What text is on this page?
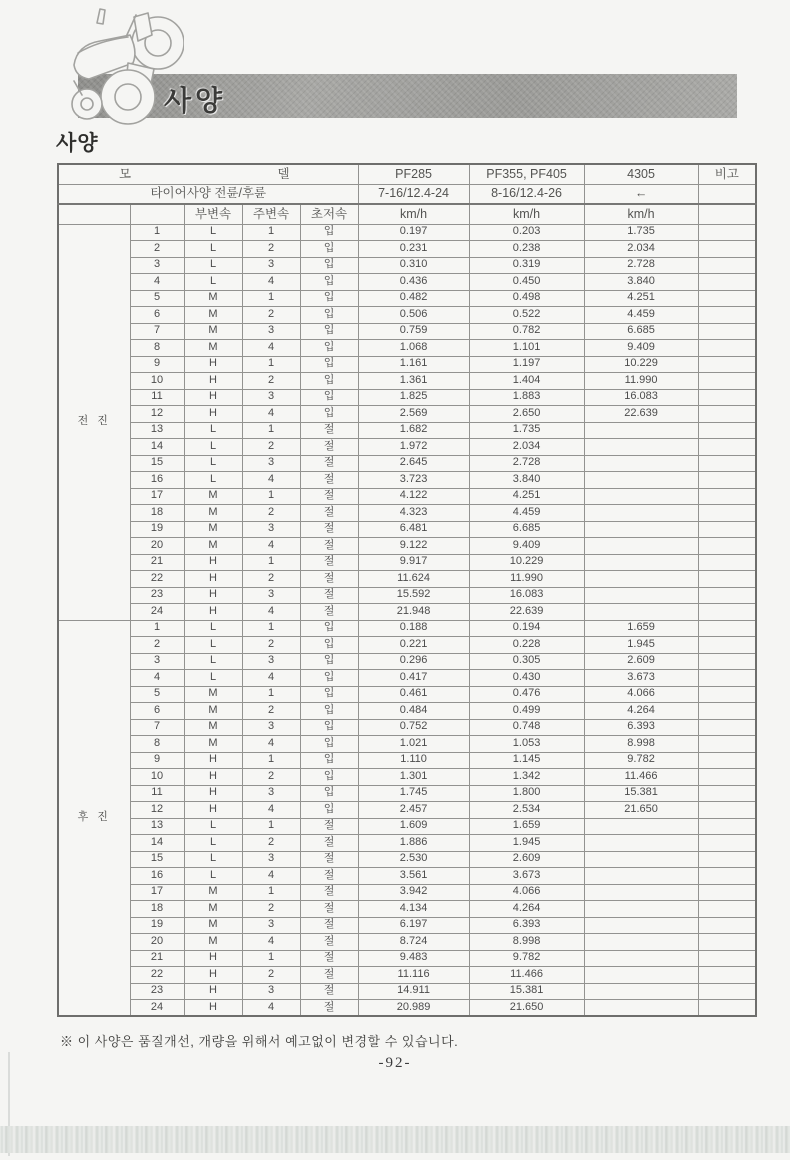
사양
사양
모 델					PF285	PF355, PF405	4305	비고
타이어사양 전륜/후륜					7-16/12.4-24	8-16/12.4-26	←	
		부변속	주변속	초저속	km/h	km/h	km/h	
전 진	1	L	1	입	0.197	0.203	1.735	
	2	L	2	입	0.231	0.238	2.034	
	3	L	3	입	0.310	0.319	2.728	
	4	L	4	입	0.436	0.450	3.840	
	5	M	1	입	0.482	0.498	4.251	
	6	M	2	입	0.506	0.522	4.459	
	7	M	3	입	0.759	0.782	6.685	
	8	M	4	입	1.068	1.101	9.409	
	9	H	1	입	1.161	1.197	10.229	
	10	H	2	입	1.361	1.404	11.990	
	11	H	3	입	1.825	1.883	16.083	
	12	H	4	입	2.569	2.650	22.639	
	13	L	1	절	1.682	1.735		
	14	L	2	절	1.972	2.034		
	15	L	3	절	2.645	2.728		
	16	L	4	절	3.723	3.840		
	17	M	1	절	4.122	4.251		
	18	M	2	절	4.323	4.459		
	19	M	3	절	6.481	6.685		
	20	M	4	절	9.122	9.409		
	21	H	1	절	9.917	10.229		
	22	H	2	절	11.624	11.990		
	23	H	3	절	15.592	16.083		
	24	H	4	절	21.948	22.639		
후 진	1	L	1	입	0.188	0.194	1.659	
	2	L	2	입	0.221	0.228	1.945	
	3	L	3	입	0.296	0.305	2.609	
	4	L	4	입	0.417	0.430	3.673	
	5	M	1	입	0.461	0.476	4.066	
	6	M	2	입	0.484	0.499	4.264	
	7	M	3	입	0.752	0.748	6.393	
	8	M	4	입	1.021	1.053	8.998	
	9	H	1	입	1.110	1.145	9.782	
	10	H	2	입	1.301	1.342	11.466	
	11	H	3	입	1.745	1.800	15.381	
	12	H	4	입	2.457	2.534	21.650	
	13	L	1	절	1.609	1.659		
	14	L	2	절	1.886	1.945		
	15	L	3	절	2.530	2.609		
	16	L	4	절	3.561	3.673		
	17	M	1	절	3.942	4.066		
	18	M	2	절	4.134	4.264		
	19	M	3	절	6.197	6.393		
	20	M	4	절	8.724	8.998		
	21	H	1	절	9.483	9.782		
	22	H	2	절	11.116	11.466		
	23	H	3	절	14.911	15.381		
	24	H	4	절	20.989	21.650		
※ 이 사양은 품질개선, 개량을 위해서 예고없이 변경할 수 있습니다.
-92-
